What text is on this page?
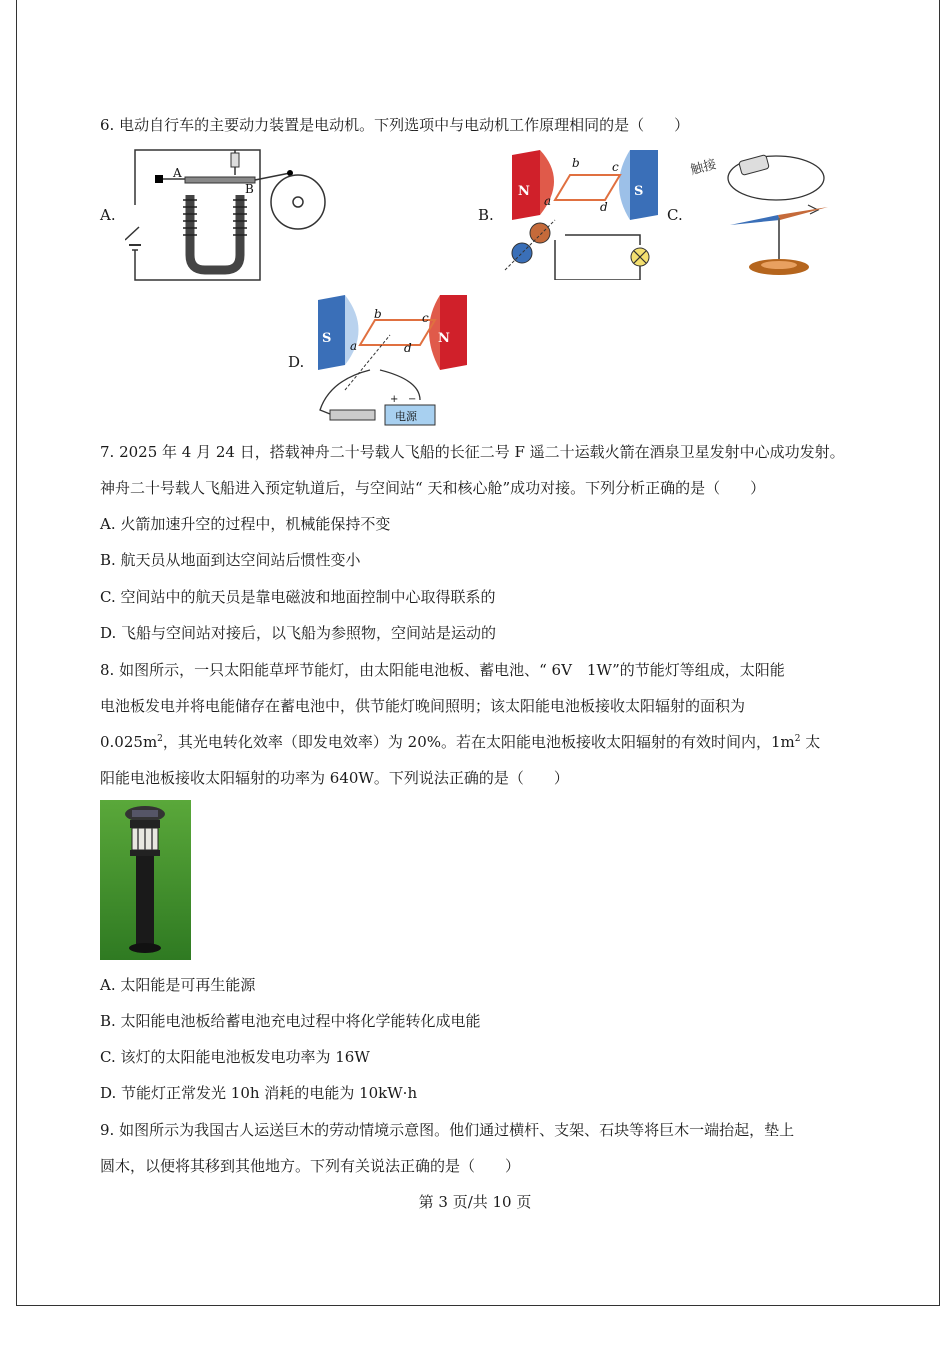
6. 电动自行车的主要动力装置是电动机。下列选项中与电动机工作原理相同的是（　　）
A.
A
B
B.
N	S
b	c
a	d	C.
触接
D.
S	N
b	c
a	d
电源
+ −
7. 2025 年 4 月 24 日，搭载神舟二十号载人飞船的长征二号 F 遥二十运载火箭在酒泉卫星发射中心成功发射。
神舟二十号载人飞船进入预定轨道后，与空间站“ 天和核心舱”成功对接。下列分析正确的是（　　）
A. 火箭加速升空的过程中，机械能保持不变
B. 航天员从地面到达空间站后惯性变小
C. 空间站中的航天员是靠电磁波和地面控制中心取得联系的
D. 飞船与空间站对接后，以飞船为参照物，空间站是运动的
8. 如图所示，一只太阳能草坪节能灯，由太阳能电池板、蓄电池、“ 6V　1W”的节能灯等组成，太阳能
电池板发电并将电能储存在蓄电池中，供节能灯晚间照明；该太阳能电池板接收太阳辐射的面积为
$0.025m^2$，其光电转化效率（即发电效率）为 20%。若在太阳能电池板接收太阳辐射的有效时间内，$1m^2$ 太
阳能电池板接收太阳辐射的功率为 640W。下列说法正确的是（　　）
A. 太阳能是可再生能源
B. 太阳能电池板给蓄电池充电过程中将化学能转化成电能
C. 该灯的太阳能电池板发电功率为 16W
D. 节能灯正常发光 10h 消耗的电能为 10kW·h
9. 如图所示为我国古人运送巨木的劳动情境示意图。他们通过横杆、支架、石块等将巨木一端抬起，垫上
圆木，以便将其移到其他地方。下列有关说法正确的是（　　）
第 3 页/共 10 页
